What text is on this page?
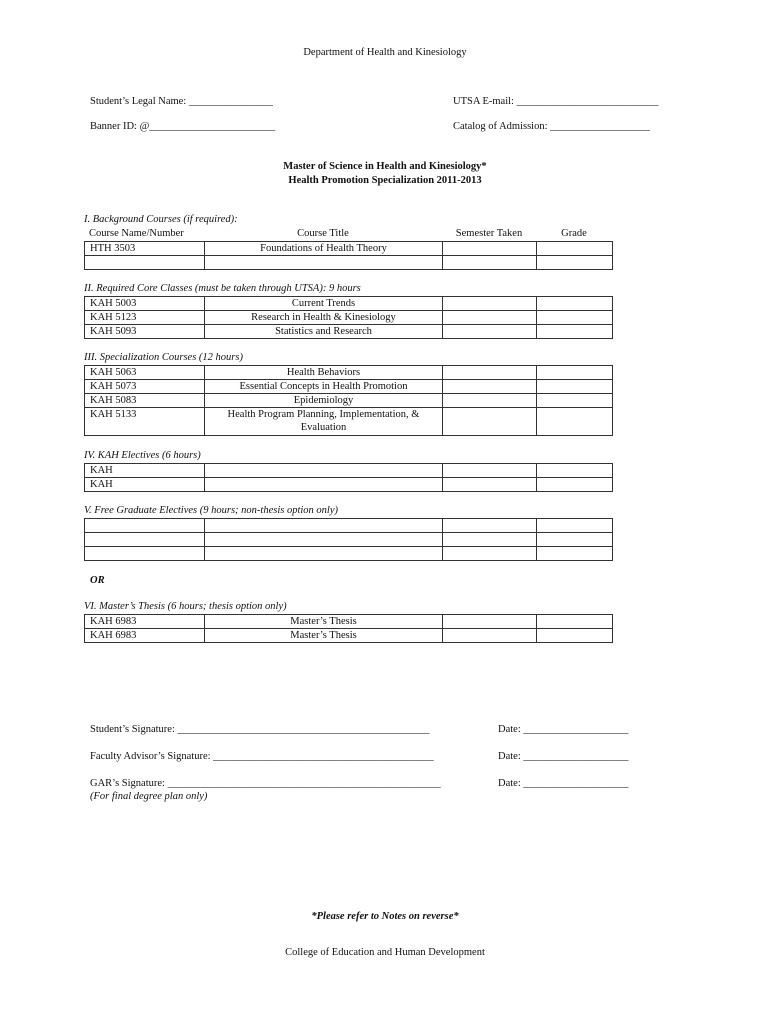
Department of Health and Kinesiology
Student’s Legal Name: ________________	UTSA E-mail: ___________________________
Banner ID: @________________________	Catalog of Admission: ___________________
Master of Science in Health and Kinesiology*
Health Promotion Specialization 2011-2013
I. Background Courses (if required):
Course Name/Number	Course Title	Semester Taken	Grade
HTH 3503	Foundations of Health Theory		

II. Required Core Classes (must be taken through UTSA): 9 hours
KAH 5003	Current Trends		
KAH 5123	Research in Health & Kinesiology		
KAH 5093	Statistics and Research		
III. Specialization Courses (12 hours)
KAH 5063	Health Behaviors		
KAH 5073	Essential Concepts in Health Promotion		
KAH 5083	Epidemiology		
KAH 5133	Health Program Planning, Implementation, & Evaluation		
IV. KAH Electives (6 hours)
KAH			
KAH			
V. Free Graduate Electives (9 hours; non-thesis option only)

OR
VI. Master’s Thesis (6 hours; thesis option only)
KAH 6983	Master’s Thesis		
KAH 6983	Master’s Thesis		
Student’s Signature: ________________________________________________	Date: ____________________
Faculty Advisor’s Signature: __________________________________________	Date: ____________________
GAR’s Signature: ____________________________________________________	Date: ____________________
(For final degree plan only)
*Please refer to Notes on reverse*
College of Education and Human Development
